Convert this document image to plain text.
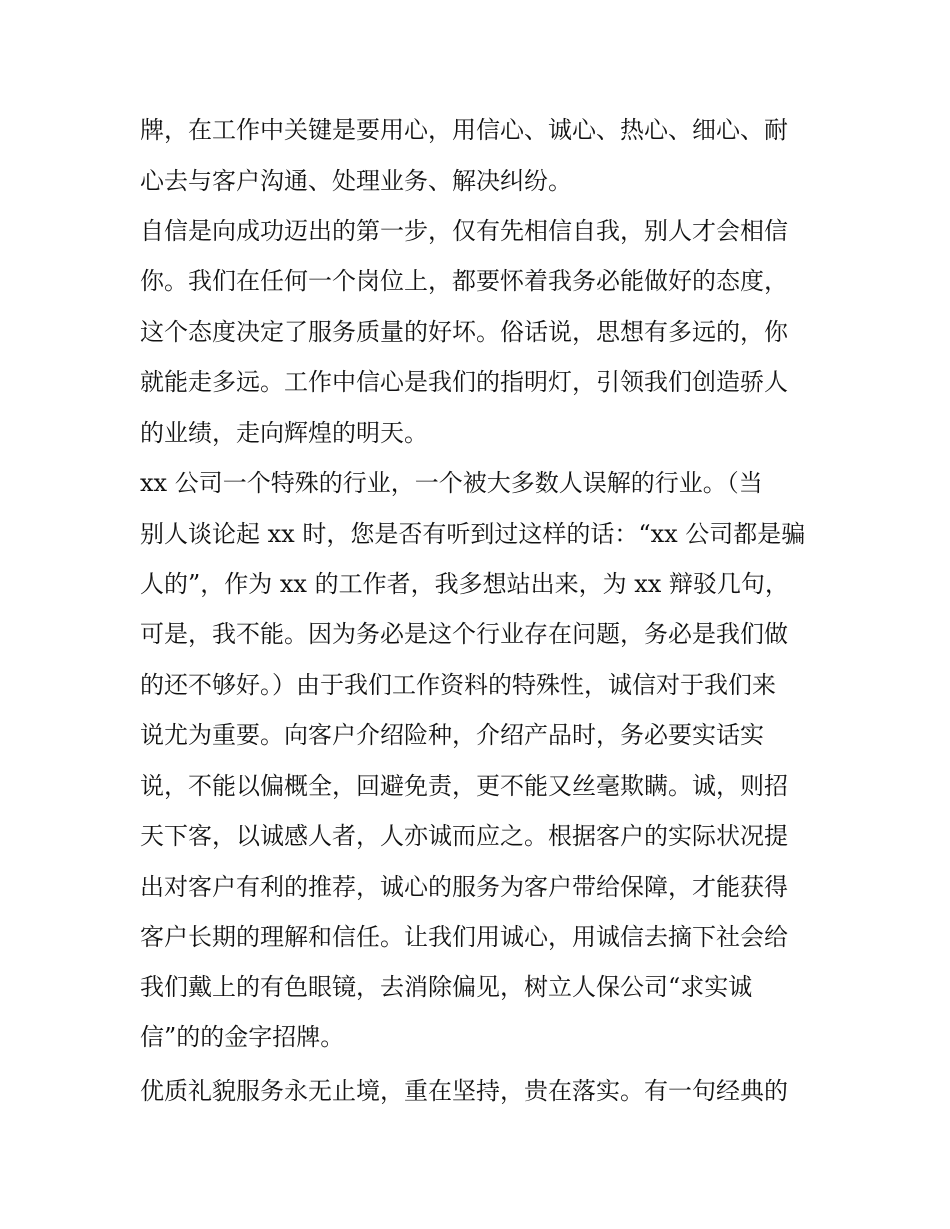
牌，在工作中关键是要用心，用信心、诚心、热心、细心、耐
心去与客户沟通、处理业务、解决纠纷。
自信是向成功迈出的第一步，仅有先相信自我，别人才会相信
你。我们在任何一个岗位上，都要怀着我务必能做好的态度，
这个态度决定了服务质量的好坏。俗话说，思想有多远的，你
就能走多远。工作中信心是我们的指明灯，引领我们创造骄人
的业绩，走向辉煌的明天。
xx 公司一个特殊的行业，一个被大多数人误解的行业。（当
别人谈论起 xx 时，您是否有听到过这样的话：“xx 公司都是骗
人的”，作为 xx 的工作者，我多想站出来，为 xx 辩驳几句，
可是，我不能。因为务必是这个行业存在问题，务必是我们做
的还不够好。）由于我们工作资料的特殊性，诚信对于我们来
说尤为重要。向客户介绍险种，介绍产品时，务必要实话实
说，不能以偏概全，回避免责，更不能又丝毫欺瞒。诚，则招
天下客，以诚感人者，人亦诚而应之。根据客户的实际状况提
出对客户有利的推荐，诚心的服务为客户带给保障，才能获得
客户长期的理解和信任。让我们用诚心，用诚信去摘下社会给
我们戴上的有色眼镜，去消除偏见，树立人保公司“求实诚
信”的的金字招牌。
优质礼貌服务永无止境，重在坚持，贵在落实。有一句经典的
